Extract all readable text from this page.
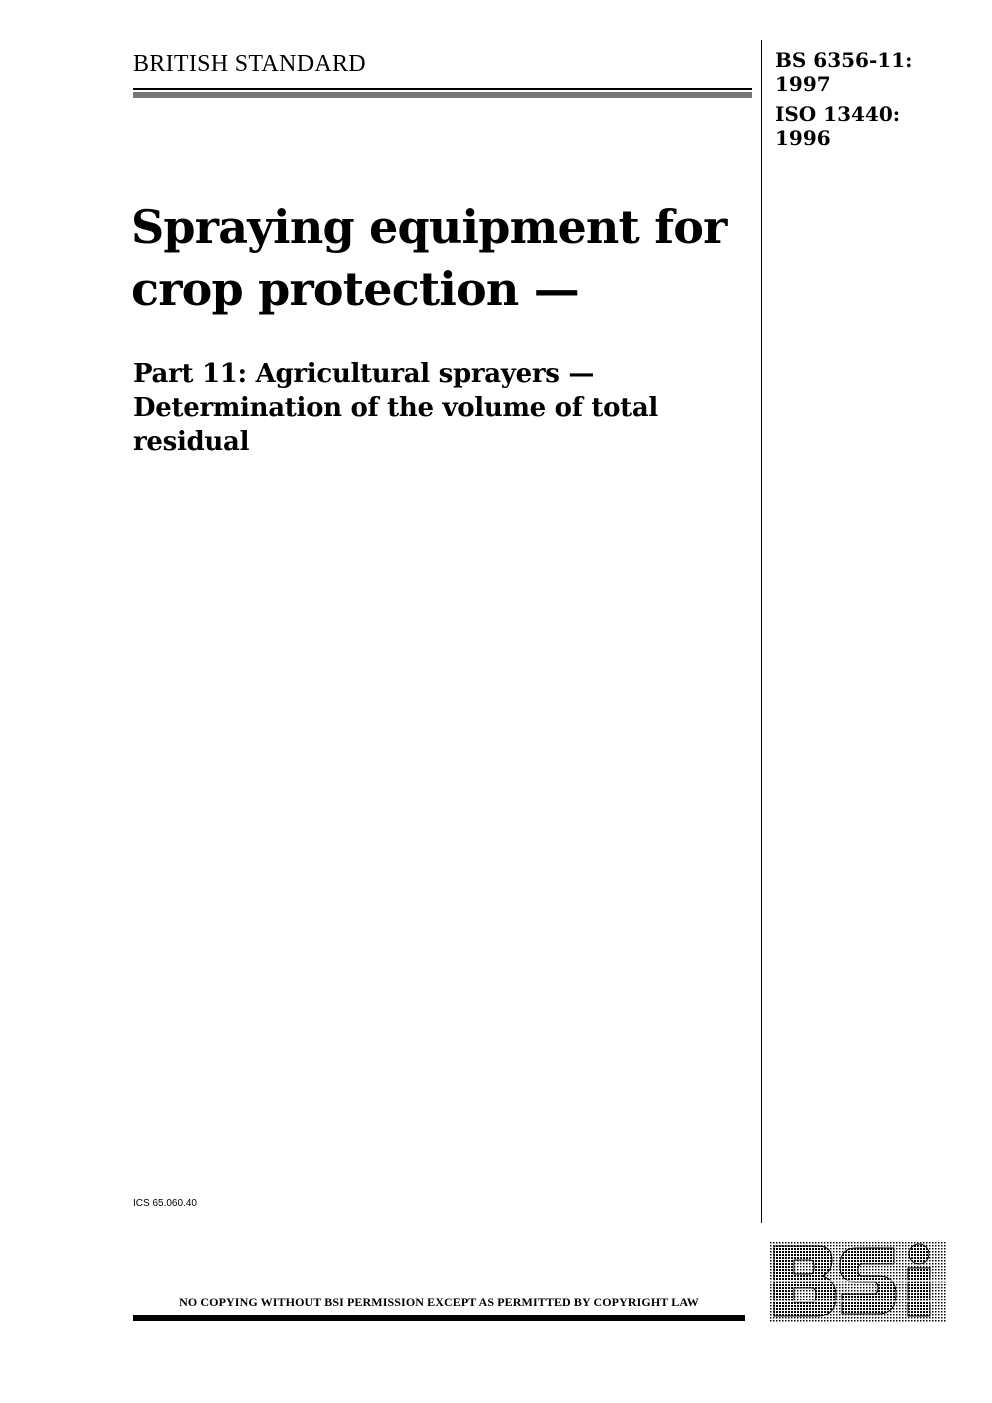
BRITISH STANDARD	BS 6356-11:
1997
ISO 13440:
1996
Spraying equipment for
crop protection —
Part 11: Agricultural sprayers —
Determination of the volume of total
residual
ICS 65.060.40
NO COPYING WITHOUT BSI PERMISSION EXCEPT AS PERMITTED BY COPYRIGHT LAW
